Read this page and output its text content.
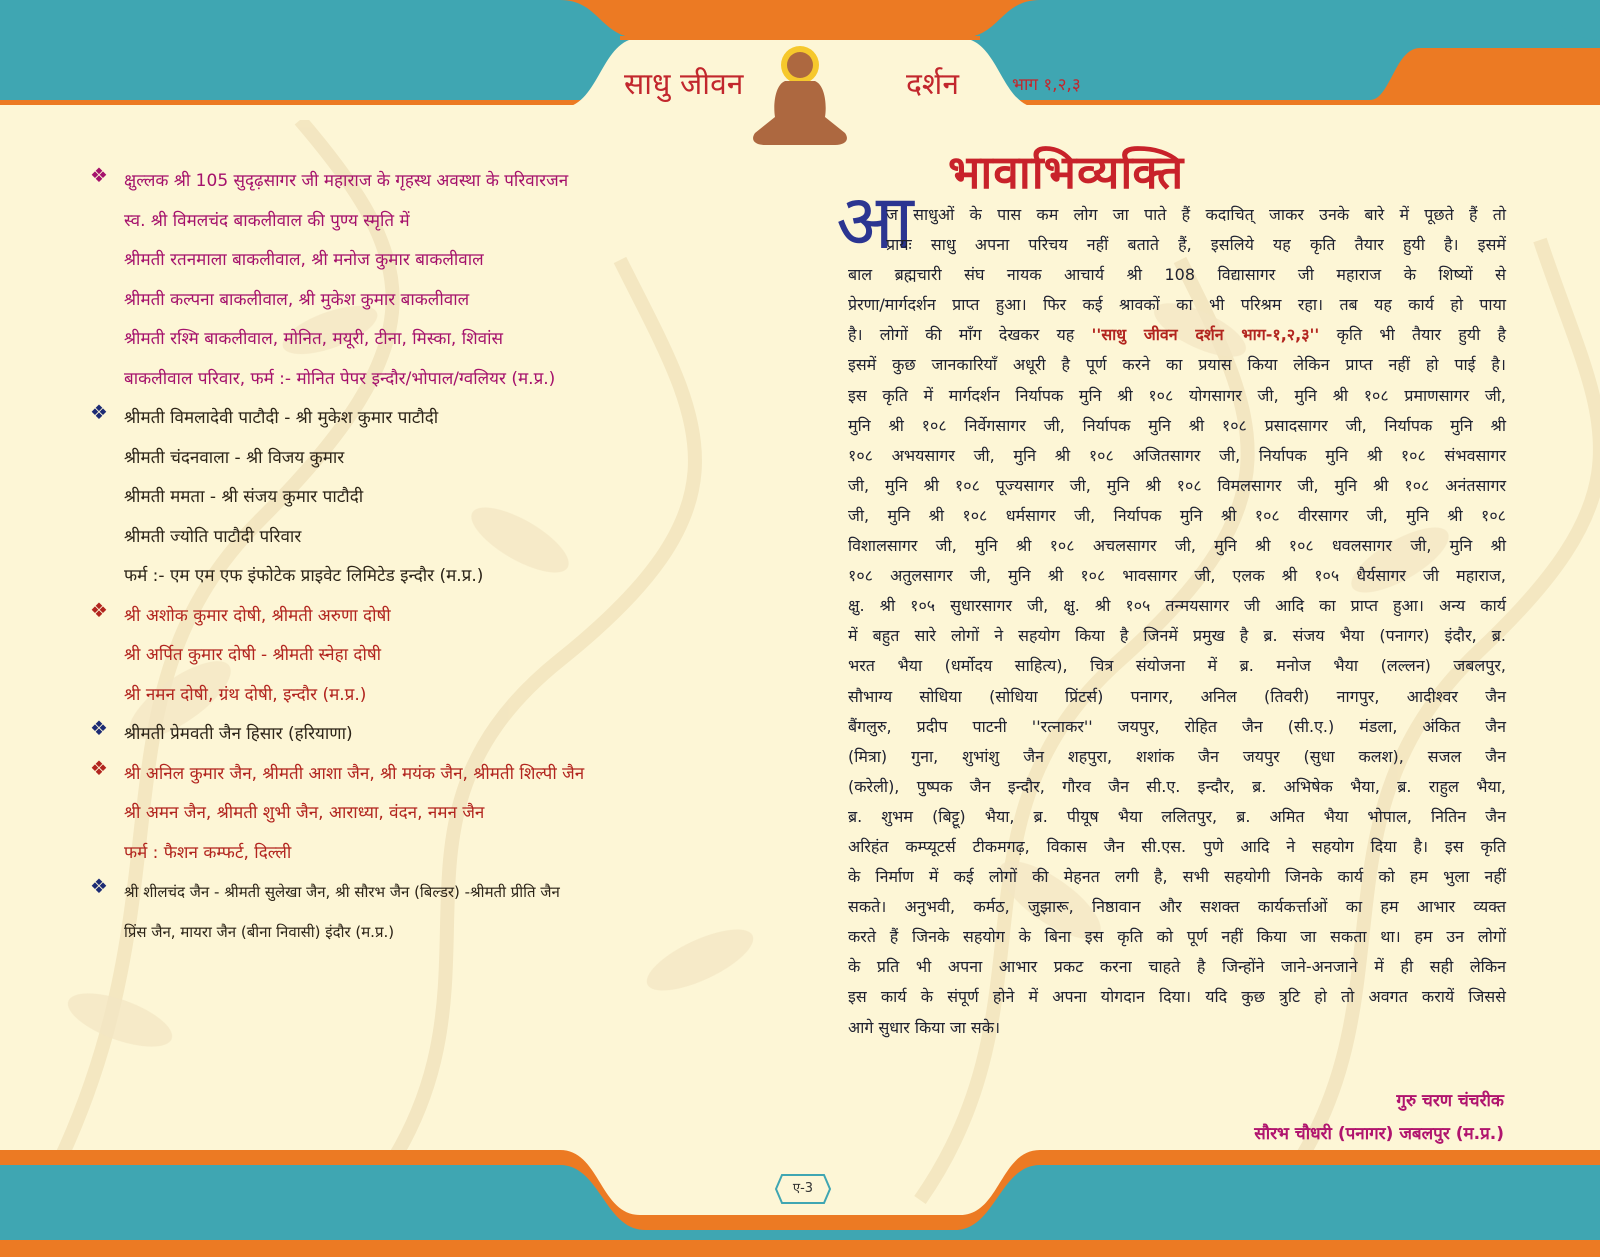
साधु जीवन	दर्शन	भाग १,२,३
❖ क्षुल्लक श्री 105 सुदृढ़सागर जी महाराज के गृहस्थ अवस्था के परिवारजन
स्व. श्री विमलचंद बाकलीवाल की पुण्य स्मृति में
श्रीमती रतनमाला बाकलीवाल, श्री मनोज कुमार बाकलीवाल
श्रीमती कल्पना बाकलीवाल, श्री मुकेश कुमार बाकलीवाल
श्रीमती रश्मि बाकलीवाल, मोनित, मयूरी, टीना, मिस्का, शिवांस
बाकलीवाल परिवार, फर्म :- मोनित पेपर इन्दौर/भोपाल/ग्वलियर (म.प्र.)
❖ श्रीमती विमलादेवी पाटौदी - श्री मुकेश कुमार पाटौदी
श्रीमती चंदनवाला - श्री विजय कुमार
श्रीमती ममता - श्री संजय कुमार पाटौदी
श्रीमती ज्योति पाटौदी परिवार
फर्म :- एम एम एफ इंफोटेक प्राइवेट लिमिटेड इन्दौर (म.प्र.)
❖ श्री अशोक कुमार दोषी, श्रीमती अरुणा दोषी
श्री अर्पित कुमार दोषी - श्रीमती स्नेहा दोषी
श्री नमन दोषी, ग्रंथ दोषी, इन्दौर (म.प्र.)
❖ श्रीमती प्रेमवती जैन हिसार (हरियाणा)
❖ श्री अनिल कुमार जैन, श्रीमती आशा जैन, श्री मयंक जैन, श्रीमती शिल्पी जैन
श्री अमन जैन, श्रीमती शुभी जैन, आराध्या, वंदन, नमन जैन
फर्म : फैशन कम्फर्ट, दिल्ली
❖ श्री शीलचंद जैन - श्रीमती सुलेखा जैन, श्री सौरभ जैन (बिल्डर) -श्रीमती प्रीति जैन
प्रिंस जैन, मायरा जैन (बीना निवासी) इंदौर (म.प्र.)
भावाभिव्यक्ति
आ
ज साधुओं के पास कम लोग जा पाते हैं कदाचित् जाकर उनके बारे में पूछते हैं तो
प्रायः साधु अपना परिचय नहीं बताते हैं, इसलिये यह कृति तैयार हुयी है। इसमें
बाल ब्रह्मचारी संघ नायक आचार्य श्री 108 विद्यासागर जी महाराज के शिष्यों से
प्रेरणा/मार्गदर्शन प्राप्त हुआ। फिर कई श्रावकों का भी परिश्रम रहा। तब यह कार्य हो पाया
है। लोगों की माँग देखकर यह ''साधु जीवन दर्शन भाग-१,२,३'' कृति भी तैयार हुयी है
इसमें कुछ जानकारियाँ अधूरी है पूर्ण करने का प्रयास किया लेकिन प्राप्त नहीं हो पाई है।
इस कृति में मार्गदर्शन निर्यापक मुनि श्री १०८ योगसागर जी, मुनि श्री १०८ प्रमाणसागर जी,
मुनि श्री १०८ निर्वेगसागर जी, निर्यापक मुनि श्री १०८ प्रसादसागर जी, निर्यापक मुनि श्री
१०८ अभयसागर जी, मुनि श्री १०८ अजितसागर जी, निर्यापक मुनि श्री १०८ संभवसागर
जी, मुनि श्री १०८ पूज्यसागर जी, मुनि श्री १०८ विमलसागर जी, मुनि श्री १०८ अनंतसागर
जी, मुनि श्री १०८ धर्मसागर जी, निर्यापक मुनि श्री १०८ वीरसागर जी, मुनि श्री १०८
विशालसागर जी, मुनि श्री १०८ अचलसागर जी, मुनि श्री १०८ धवलसागर जी, मुनि श्री
१०८ अतुलसागर जी, मुनि श्री १०८ भावसागर जी, एलक श्री १०५ धैर्यसागर जी महाराज,
क्षु. श्री १०५ सुधारसागर जी, क्षु. श्री १०५ तन्मयसागर जी आदि का प्राप्त हुआ। अन्य कार्य
में बहुत सारे लोगों ने सहयोग किया है जिनमें प्रमुख है ब्र. संजय भैया (पनागर) इंदौर, ब्र.
भरत भैया (धर्मोदय साहित्य), चित्र संयोजना में ब्र. मनोज भैया (लल्लन) जबलपुर,
सौभाग्य सोधिया (सोधिया प्रिंटर्स) पनागर, अनिल (तिवरी) नागपुर, आदीश्वर जैन
बैंगलुरु, प्रदीप पाटनी ''रत्नाकर'' जयपुर, रोहित जैन (सी.ए.) मंडला, अंकित जैन
(मित्रा) गुना, शुभांशु जैन शहपुरा, शशांक जैन जयपुर (सुधा कलश), सजल जैन
(करेली), पुष्पक जैन इन्दौर, गौरव जैन सी.ए. इन्दौर, ब्र. अभिषेक भैया, ब्र. राहुल भैया,
ब्र. शुभम (बिट्टू) भैया, ब्र. पीयूष भैया ललितपुर, ब्र. अमित भैया भोपाल, नितिन जैन
अरिहंत कम्प्यूटर्स टीकमगढ़, विकास जैन सी.एस. पुणे आदि ने सहयोग दिया है। इस कृति
के निर्माण में कई लोगों की मेहनत लगी है, सभी सहयोगी जिनके कार्य को हम भुला नहीं
सकते। अनुभवी, कर्मठ, जुझारू, निष्ठावान और सशक्त कार्यकर्त्ताओं का हम आभार व्यक्त
करते हैं जिनके सहयोग के बिना इस कृति को पूर्ण नहीं किया जा सकता था। हम उन लोगों
के प्रति भी अपना आभार प्रकट करना चाहते है जिन्होंने जाने-अनजाने में ही सही लेकिन
इस कार्य के संपूर्ण होने में अपना योगदान दिया। यदि कुछ त्रुटि हो तो अवगत करायें जिससे
आगे सुधार किया जा सके।
गुरु चरण चंचरीक
सौरभ चौधरी (पनागर) जबलपुर (म.प्र.)
ए-3
